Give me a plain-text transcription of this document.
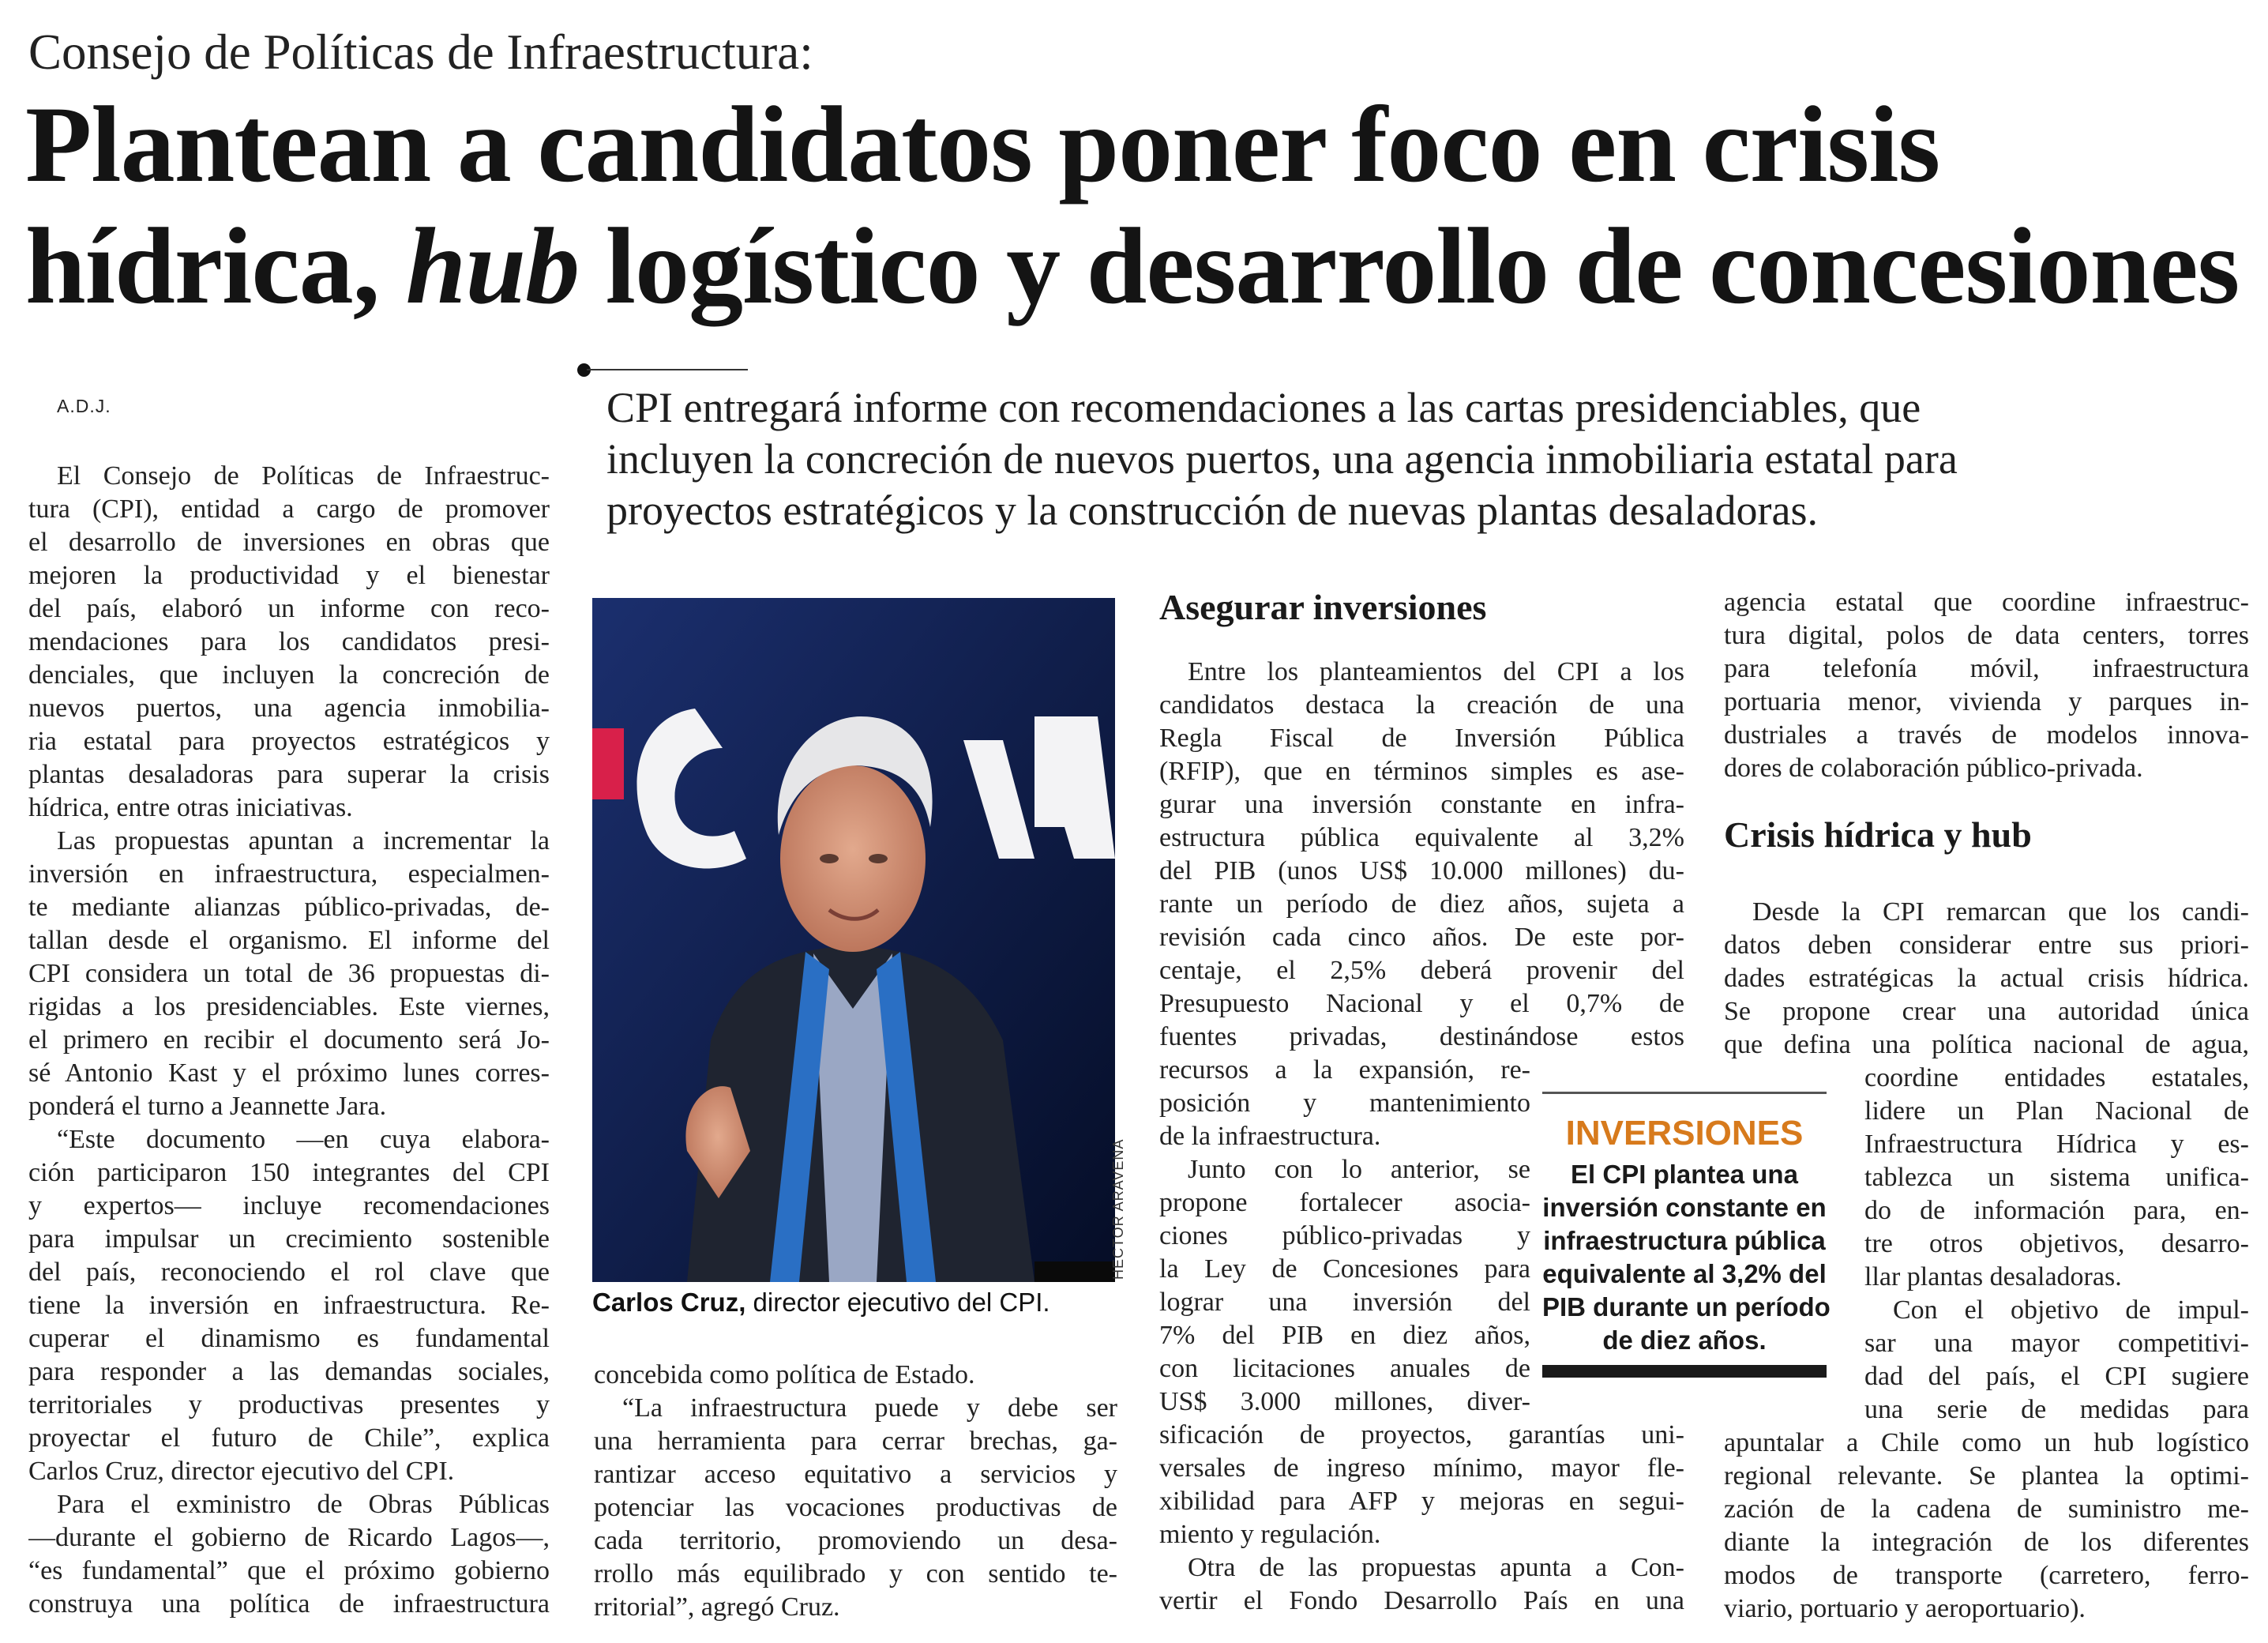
Consejo de Políticas de Infraestructura:
Plantean a candidatos poner foco en crisis
hídrica, hub logístico y desarrollo de concesiones
CPI entregará informe con recomendaciones a las cartas presidenciables, que
incluyen la concreción de nuevos puertos, una agencia inmobiliaria estatal para
proyectos estratégicos y la construcción de nuevas plantas desaladoras.
A.D.J.
El Consejo de Políticas de Infraestruc-
tura (CPI), entidad a cargo de promover
el desarrollo de inversiones en obras que
mejoren la productividad y el bienestar
del país, elaboró un informe con reco-
mendaciones para los candidatos presi-
denciales, que incluyen la concreción de
nuevos puertos, una agencia inmobilia-
ria estatal para proyectos estratégicos y
plantas desaladoras para superar la crisis
hídrica, entre otras iniciativas.
Las propuestas apuntan a incrementar la
inversión en infraestructura, especialmen-
te mediante alianzas público-privadas, de-
tallan desde el organismo. El informe del
CPI considera un total de 36 propuestas di-
rigidas a los presidenciables. Este viernes,
el primero en recibir el documento será Jo-
sé Antonio Kast y el próximo lunes corres-
ponderá el turno a Jeannette Jara.
“Este documento —en cuya elabora-
ción participaron 150 integrantes del CPI
y expertos— incluye recomendaciones
para impulsar un crecimiento sostenible
del país, reconociendo el rol clave que
tiene la inversión en infraestructura. Re-
cuperar el dinamismo es fundamental
para responder a las demandas sociales,
territoriales y productivas presentes y
proyectar el futuro de Chile”, explica
Carlos Cruz, director ejecutivo del CPI.
Para el exministro de Obras Públicas
—durante el gobierno de Ricardo Lagos—,
“es fundamental” que el próximo gobierno
construya una política de infraestructura
HECTOR ARAVENA
Carlos Cruz, director ejecutivo del CPI.
concebida como política de Estado.
“La infraestructura puede y debe ser
una herramienta para cerrar brechas, ga-
rantizar acceso equitativo a servicios y
potenciar las vocaciones productivas de
cada territorio, promoviendo un desa-
rrollo más equilibrado y con sentido te-
rritorial”, agregó Cruz.
Asegurar inversiones
Entre los planteamientos del CPI a los
candidatos destaca la creación de una
Regla Fiscal de Inversión Pública
(RFIP), que en términos simples es ase-
gurar una inversión constante en infra-
estructura pública equivalente al 3,2%
del PIB (unos US$ 10.000 millones) du-
rante un período de diez años, sujeta a
revisión cada cinco años. De este por-
centaje, el 2,5% deberá provenir del
Presupuesto Nacional y el 0,7% de
fuentes privadas, destinándose estos
recursos a la expansión, re-
posición y mantenimiento
de la infraestructura.
Junto con lo anterior, se
propone fortalecer asocia-
ciones público-privadas y
la Ley de Concesiones para
lograr una inversión del
7% del PIB en diez años,
con licitaciones anuales de
US$ 3.000 millones, diver-
sificación de proyectos, garantías uni-
versales de ingreso mínimo, mayor fle-
xibilidad para AFP y mejoras en segui-
miento y regulación.
Otra de las propuestas apunta a Con-
vertir el Fondo Desarrollo País en una
agencia estatal que coordine infraestruc-
tura digital, polos de data centers, torres
para telefonía móvil, infraestructura
portuaria menor, vivienda y parques in-
dustriales a través de modelos innova-
dores de colaboración público-privada.
Crisis hídrica y hub
Desde la CPI remarcan que los candi-
datos deben considerar entre sus priori-
dades estratégicas la actual crisis hídrica.
Se propone crear una autoridad única
que defina una política nacional de agua,
coordine entidades estatales,
lidere un Plan Nacional de
Infraestructura Hídrica y es-
tablezca un sistema unifica-
do de información para, en-
tre otros objetivos, desarro-
llar plantas desaladoras.
Con el objetivo de impul-
sar una mayor competitivi-
dad del país, el CPI sugiere
una serie de medidas para
apuntalar a Chile como un hub logístico
regional relevante. Se plantea la optimi-
zación de la cadena de suministro me-
diante la integración de los diferentes
modos de transporte (carretero, ferro-
viario, portuario y aeroportuario).
INVERSIONES
El CPI plantea una
inversión constante en
infraestructura pública
equivalente al 3,2% del
PIB durante un período
de diez años.
